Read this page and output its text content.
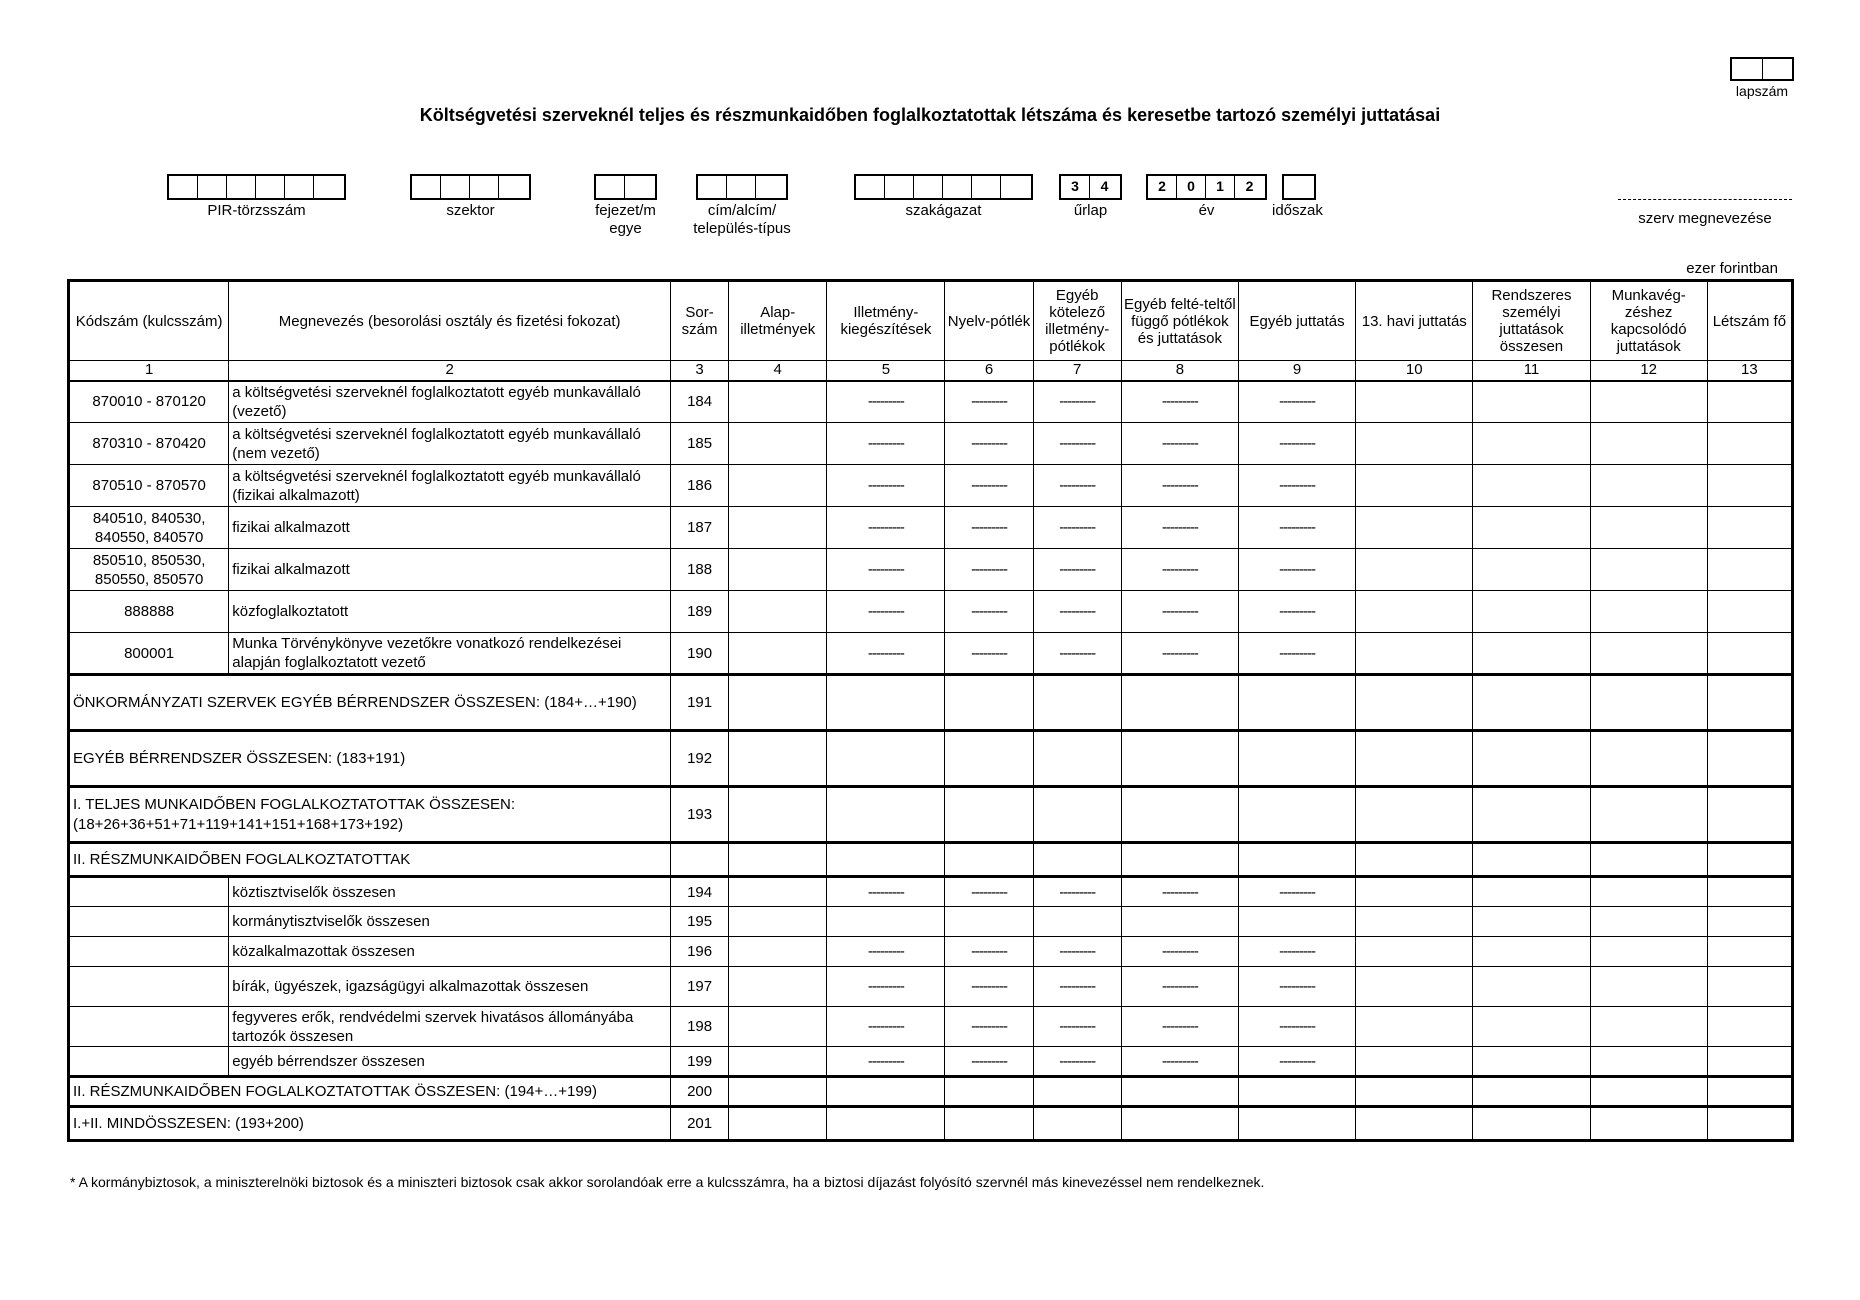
lapszám
Költségvetési szerveknél teljes és részmunkaidőben foglalkoztatottak létszáma és keresetbe tartozó személyi juttatásai
PIR-törzsszám	szektor	fejezet/m egye
cím/alcím/ település-típus
szakágazat
3	4
űrlap
2	0	1	2
év	időszak	szerv megnevezése
ezer forintban
Kódszám (kulcsszám)	Megnevezés (besorolási osztály és fizetési fokozat)	Sor-szám	Alap-illetmények	Illetmény-kiegészítések	Nyelv-pótlék	Egyéb kötelező illetmény-pótlékok	Egyéb felté-teltől függő pótlékok és juttatások	Egyéb juttatás	13. havi juttatás	Rendszeres személyi juttatások összesen	Munkavég-zéshez kapcsolódó juttatások	Létszám fő
1	2	3	4	5	6	7	8	9	10	11	12	13
870010 - 870120	a költségvetési szerveknél foglalkoztatott egyéb munkavállaló (vezető)	184		---------	---------	---------	---------	---------				
870310 - 870420	a költségvetési szerveknél foglalkoztatott egyéb munkavállaló (nem vezető)	185		---------	---------	---------	---------	---------				
870510 - 870570	a költségvetési szerveknél foglalkoztatott egyéb munkavállaló (fizikai alkalmazott)	186		---------	---------	---------	---------	---------				
840510, 840530, 840550, 840570	fizikai alkalmazott	187		---------	---------	---------	---------	---------				
850510, 850530, 850550, 850570	fizikai alkalmazott	188		---------	---------	---------	---------	---------				
888888	közfoglalkoztatott	189		---------	---------	---------	---------	---------				
800001	Munka Törvénykönyve vezetőkre vonatkozó rendelkezései alapján foglalkoztatott vezető	190		---------	---------	---------	---------	---------				
ÖNKORMÁNYZATI SZERVEK EGYÉB BÉRRENDSZER ÖSSZESEN: (184+…+190)		191										
EGYÉB BÉRRENDSZER ÖSSZESEN: (183+191)		192										
I. TELJES MUNKAIDŐBEN FOGLALKOZTATOTTAK ÖSSZESEN: (18+26+36+51+71+119+141+151+168+173+192)		193										
II. RÉSZMUNKAIDŐBEN FOGLALKOZTATOTTAK												
	köztisztviselők összesen	194		---------	---------	---------	---------	---------				
	kormánytisztviselők összesen	195										
	közalkalmazottak összesen	196		---------	---------	---------	---------	---------				
	bírák, ügyészek, igazságügyi alkalmazottak összesen	197		---------	---------	---------	---------	---------				
	fegyveres erők, rendvédelmi szervek hivatásos állományába tartozók összesen	198		---------	---------	---------	---------	---------				
	egyéb bérrendszer összesen	199		---------	---------	---------	---------	---------				
II. RÉSZMUNKAIDŐBEN FOGLALKOZTATOTTAK ÖSSZESEN: (194+…+199)		200										
I.+II. MINDÖSSZESEN: (193+200)		201										
* A kormánybiztosok, a miniszterelnöki biztosok és a miniszteri biztosok csak akkor sorolandóak erre a kulcsszámra, ha a biztosi díjazást folyósító szervnél más kinevezéssel nem rendelkeznek.
